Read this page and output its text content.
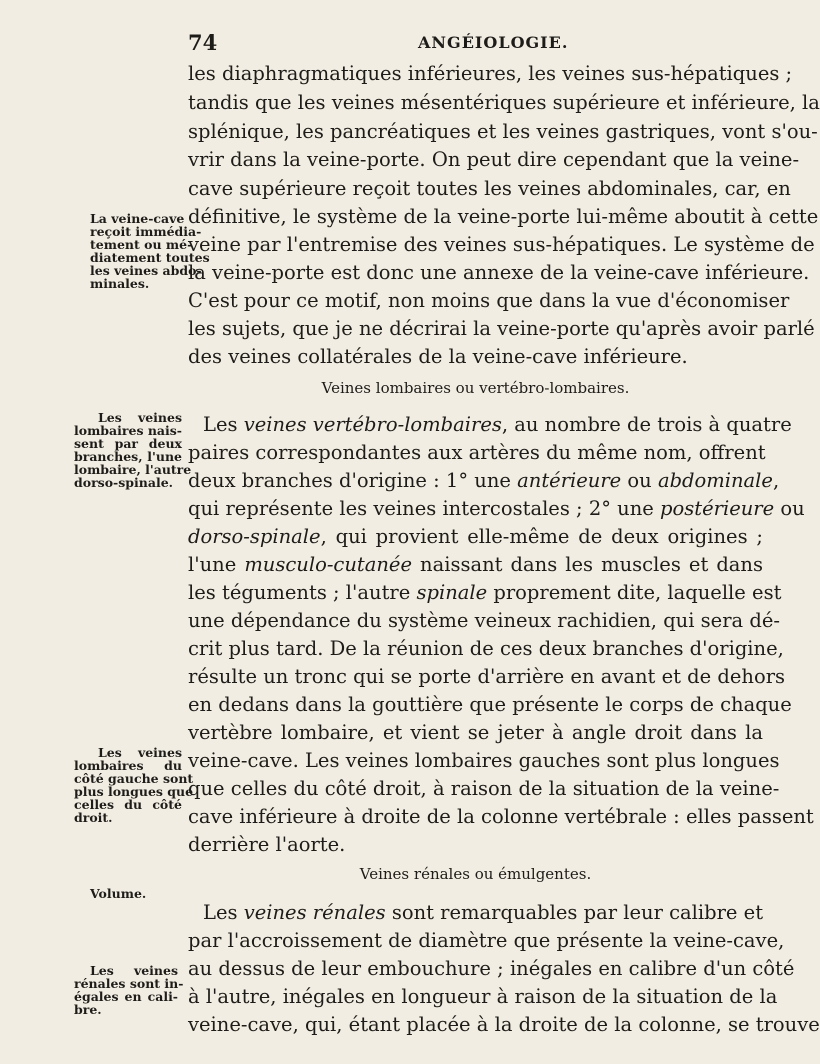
74	ANGÉIOLOGIE.
les diaphragmatiques inférieures, les veines sus-hépatiques ;
tandis que les veines mésentériques supérieure et inférieure, la
splénique, les pancréatiques et les veines gastriques, vont s'ou-
vrir dans la veine-porte. On peut dire cependant que la veine-
cave supérieure reçoit toutes les veines abdominales, car, en
définitive, le système de la veine-porte lui-même aboutit à cette
veine par l'entremise des veines sus-hépatiques. Le système de
la veine-porte est donc une annexe de la veine-cave inférieure.
C'est pour ce motif, non moins que dans la vue d'économiser
les sujets, que je ne décrirai la veine-porte qu'après avoir parlé
des veines collatérales de la veine-cave inférieure.
Veines lombaires ou vertébro-lombaires.
Les veines vertébro-lombaires, au nombre de trois à quatre
paires correspondantes aux artères du même nom, offrent
deux branches d'origine : 1° une antérieure ou abdominale,
qui représente les veines intercostales ; 2° une postérieure ou
dorso-spinale, qui provient elle-même de deux origines ;
l'une musculo-cutanée naissant dans les muscles et dans
les téguments ; l'autre spinale proprement dite, laquelle est
une dépendance du système veineux rachidien, qui sera dé-
crit plus tard. De la réunion de ces deux branches d'origine,
résulte un tronc qui se porte d'arrière en avant et de dehors
en dedans dans la gouttière que présente le corps de chaque
vertèbre lombaire, et vient se jeter à angle droit dans la
veine-cave. Les veines lombaires gauches sont plus longues
que celles du côté droit, à raison de la situation de la veine-
cave inférieure à droite de la colonne vertébrale : elles passent
derrière l'aorte.
Veines rénales ou émulgentes.
Les veines rénales sont remarquables par leur calibre et
par l'accroissement de diamètre que présente la veine-cave,
au dessus de leur embouchure ; inégales en calibre d'un côté
à l'autre, inégales en longueur à raison de la situation de la
veine-cave, qui, étant placée à la droite de la colonne, se trouve
La veine-cave
reçoit immédia-
tement ou mé-
diatement toutes
les veines abdo-
minales.
Les veines
lombaires nais-
sent par deux
branches, l'une
lombaire, l'autre
dorso-spinale.
Les veines
lombaires du
côté gauche sont
plus longues que
celles du côté
droit.
Volume.
Les veines
rénales sont in-
égales en cali-
bre.
